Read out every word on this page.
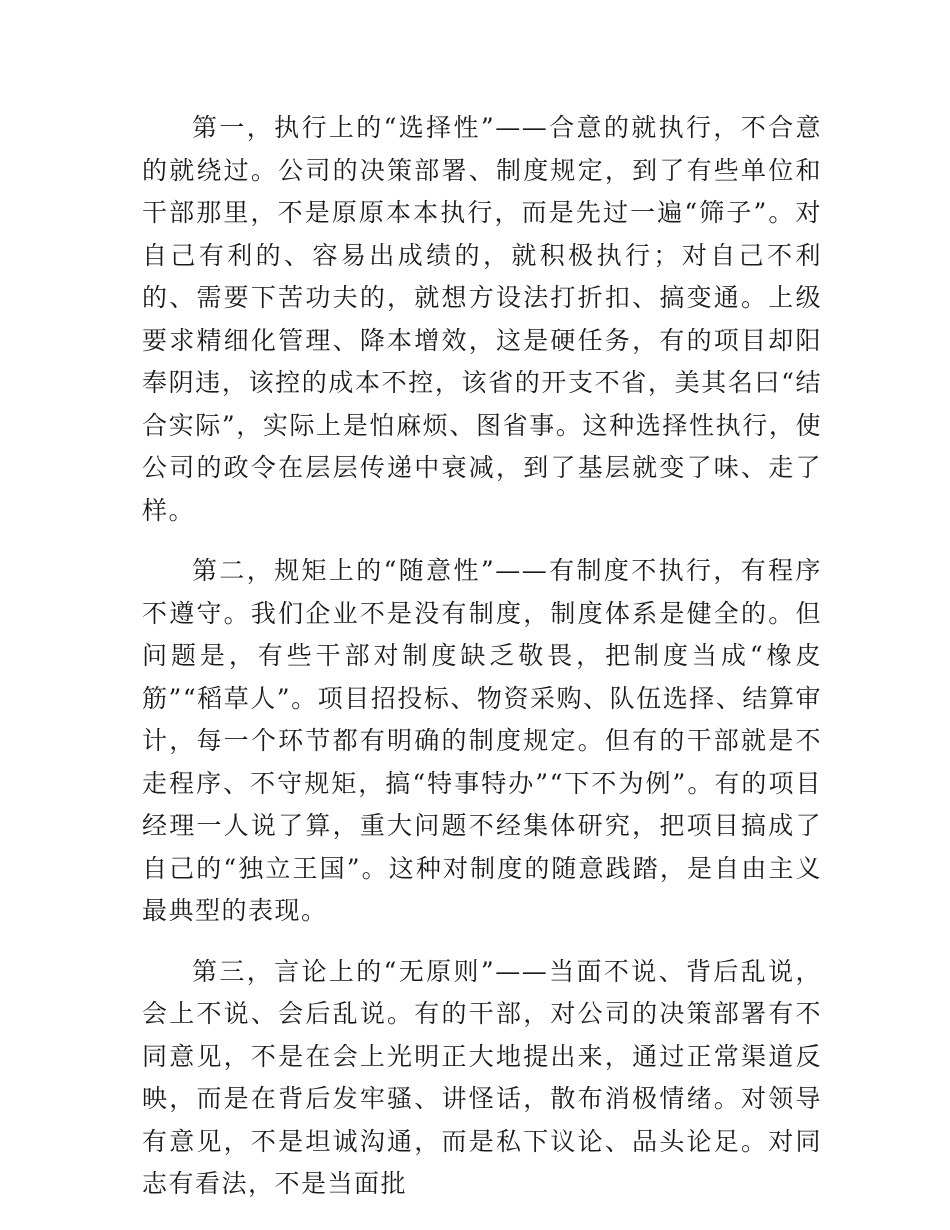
第一，执行上的“选择性”——合意的就执行，不合意的就绕过。公司的决策部署、制度规定，到了有些单位和干部那里，不是原原本本执行，而是先过一遍“筛子”。对自己有利的、容易出成绩的，就积极执行；对自己不利的、需要下苦功夫的，就想方设法打折扣、搞变通。上级要求精细化管理、降本增效，这是硬任务，有的项目却阳奉阴违，该控的成本不控，该省的开支不省，美其名曰“结合实际”，实际上是怕麻烦、图省事。这种选择性执行，使公司的政令在层层传递中衰减，到了基层就变了味、走了样。

第二，规矩上的“随意性”——有制度不执行，有程序不遵守。我们企业不是没有制度，制度体系是健全的。但问题是，有些干部对制度缺乏敬畏，把制度当成“橡皮筋”“稻草人”。项目招投标、物资采购、队伍选择、结算审计，每一个环节都有明确的制度规定。但有的干部就是不走程序、不守规矩，搞“特事特办”“下不为例”。有的项目经理一人说了算，重大问题不经集体研究，把项目搞成了自己的“独立王国”。这种对制度的随意践踏，是自由主义最典型的表现。

第三，言论上的“无原则”——当面不说、背后乱说，会上不说、会后乱说。有的干部，对公司的决策部署有不同意见，不是在会上光明正大地提出来，通过正常渠道反映，而是在背后发牢骚、讲怪话，散布消极情绪。对领导有意见，不是坦诚沟通，而是私下议论、品头论足。对同志有看法，不是当面批
